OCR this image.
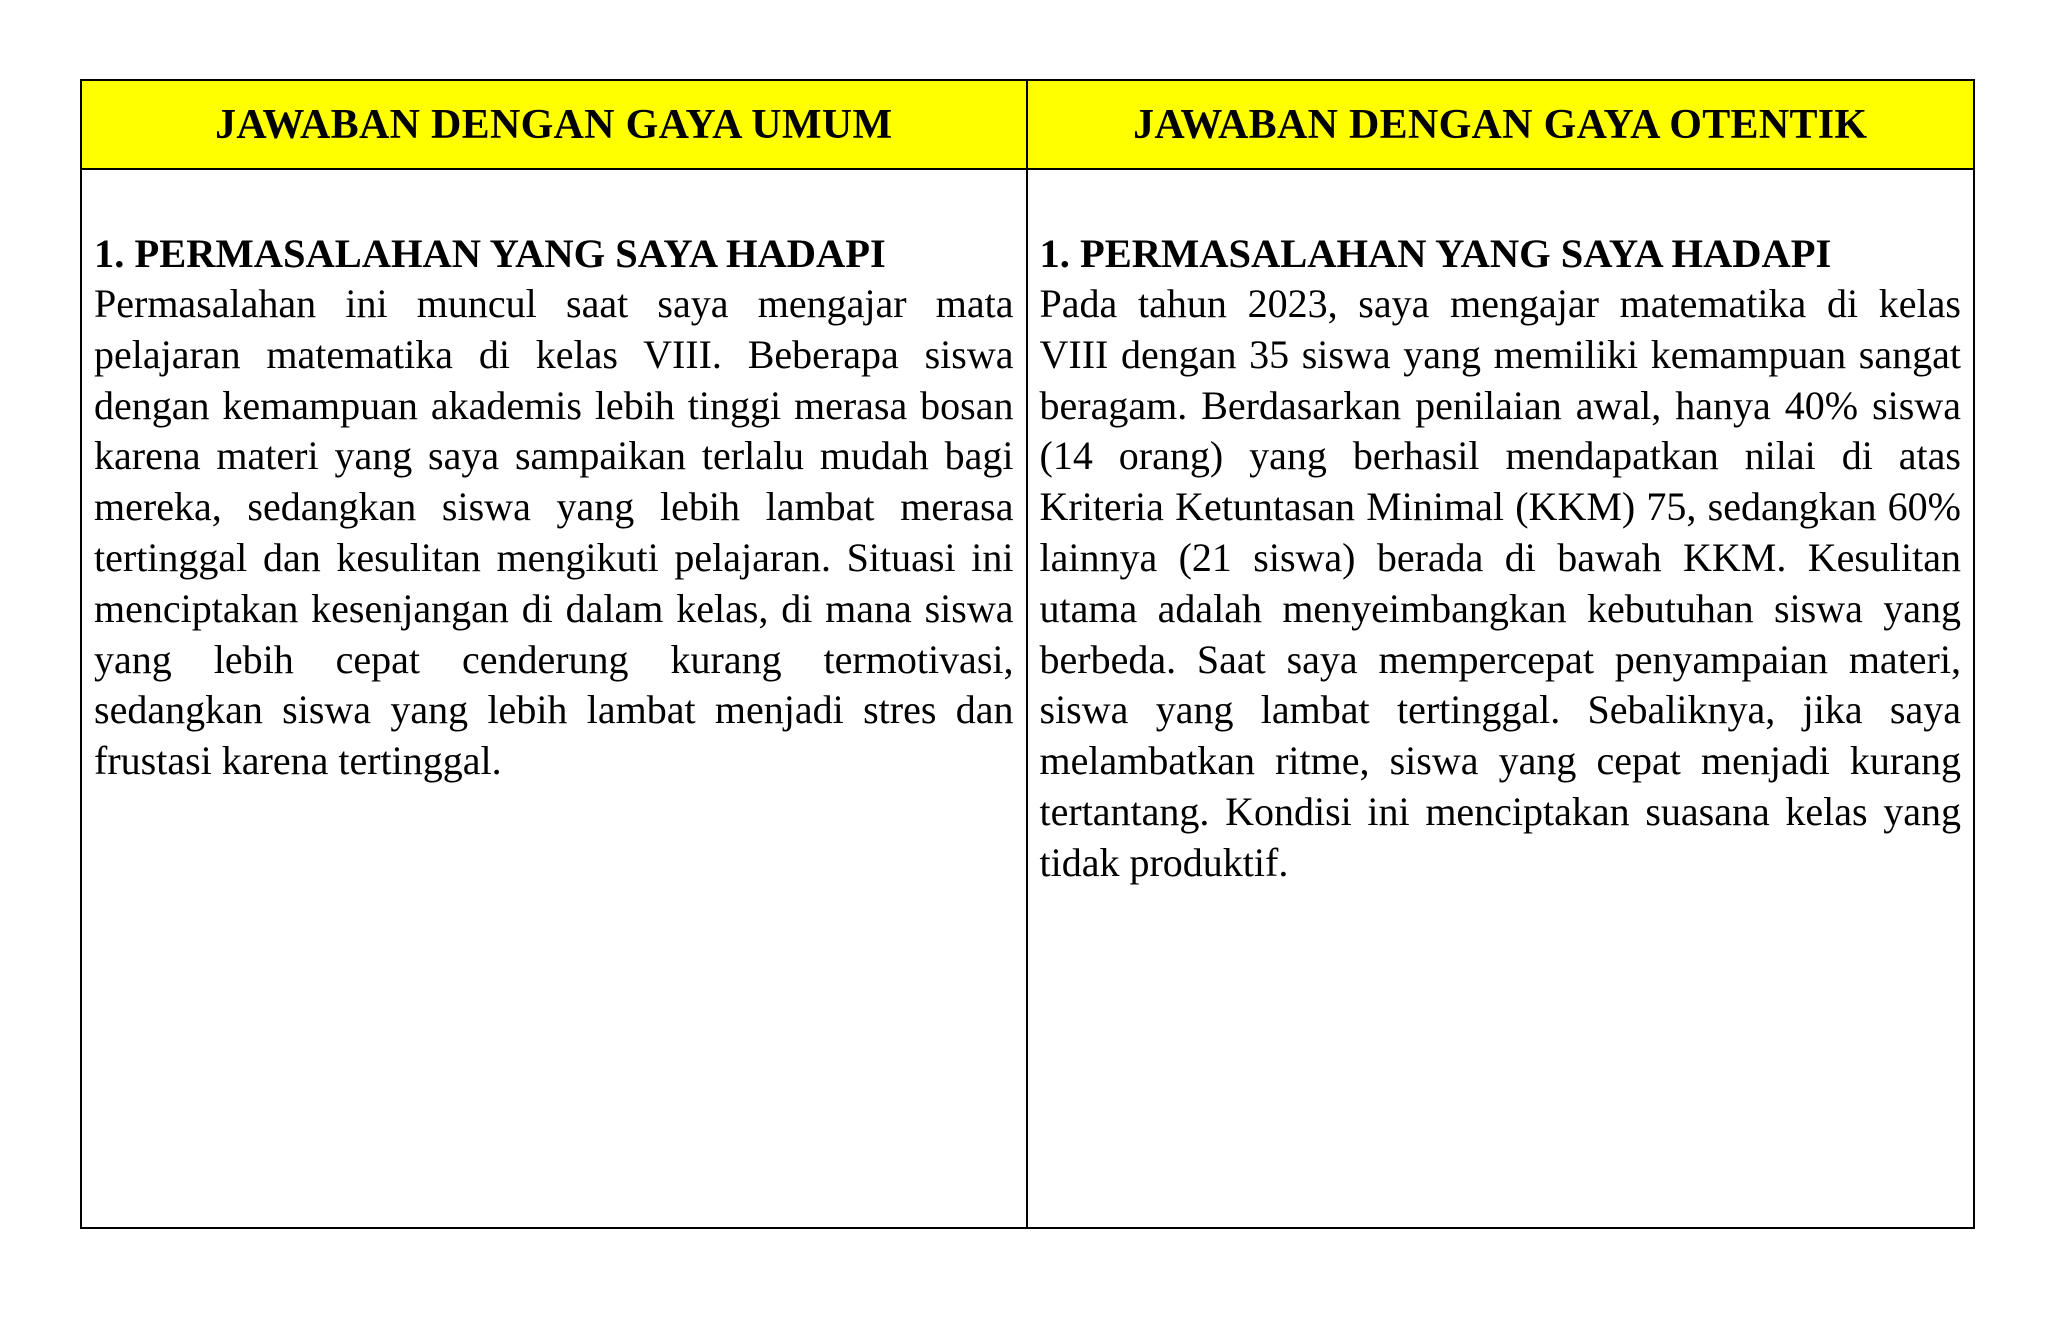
JAWABAN DENGAN GAYA UMUM	JAWABAN DENGAN GAYA OTENTIK

1. PERMASALAHAN YANG SAYA HADAPI

Permasalahan ini muncul saat saya mengajar mata pelajaran matematika di kelas VIII. Beberapa siswa dengan kemampuan akademis lebih tinggi merasa bosan karena materi yang saya sampaikan terlalu mudah bagi mereka, sedangkan siswa yang lebih lambat merasa tertinggal dan kesulitan mengikuti pelajaran. Situasi ini menciptakan kesenjangan di dalam kelas, di mana siswa yang lebih cepat cenderung kurang termotivasi, sedangkan siswa yang lebih lambat menjadi stres dan frustasi karena tertinggal.

1. PERMASALAHAN YANG SAYA HADAPI

Pada tahun 2023, saya mengajar matematika di kelas VIII dengan 35 siswa yang memiliki kemampuan sangat beragam. Berdasarkan penilaian awal, hanya 40% siswa (14 orang) yang berhasil mendapatkan nilai di atas Kriteria Ketuntasan Minimal (KKM) 75, sedangkan 60% lainnya (21 siswa) berada di bawah KKM. Kesulitan utama adalah menyeimbangkan kebutuhan siswa yang berbeda. Saat saya mempercepat penyampaian materi, siswa yang lambat tertinggal. Sebaliknya, jika saya melambatkan ritme, siswa yang cepat menjadi kurang tertantang. Kondisi ini menciptakan suasana kelas yang tidak produktif.
